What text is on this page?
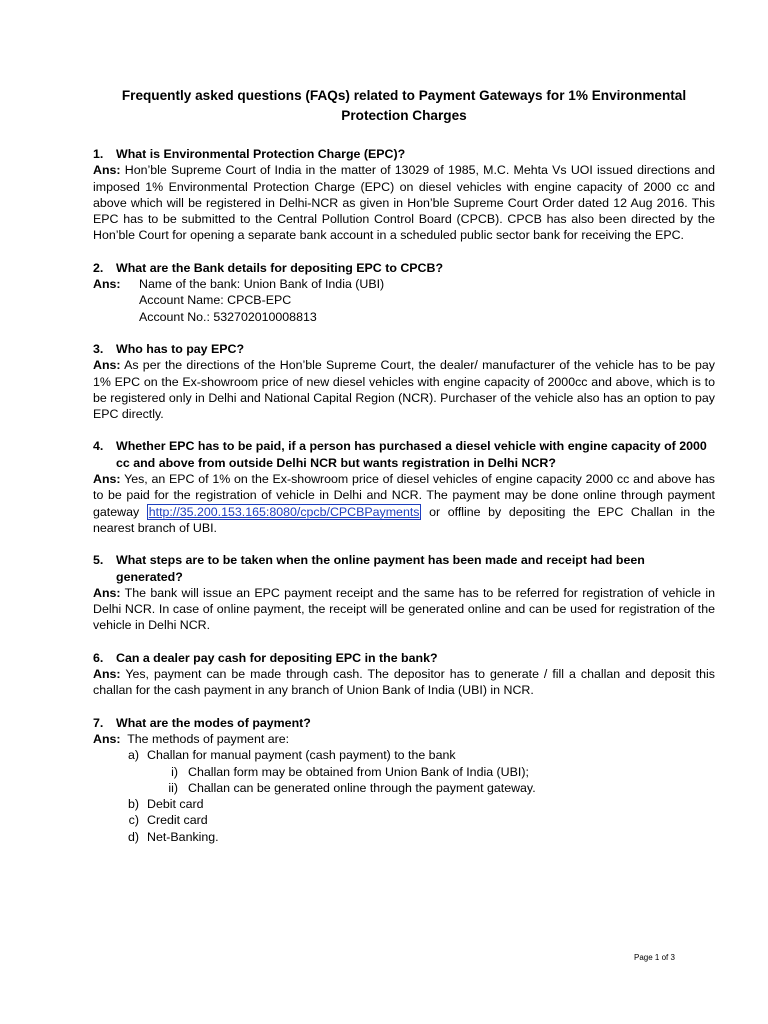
Frequently asked questions (FAQs) related to Payment Gateways for 1% Environmental Protection Charges
1.	What is Environmental Protection Charge (EPC)?

Ans: Hon’ble Supreme Court of India in the matter of 13029 of 1985, M.C. Mehta Vs UOI issued directions and imposed 1% Environmental Protection Charge (EPC) on diesel vehicles with engine capacity of 2000 cc and above which will be registered in Delhi-NCR as given in Hon’ble Supreme Court Order dated 12 Aug 2016. This EPC has to be submitted to the Central Pollution Control Board (CPCB). CPCB has also been directed by the Hon’ble Court for opening a separate bank account in a scheduled public sector bank for receiving the EPC.

2.	What are the Bank details for depositing EPC to CPCB?
Ans:	Name of the bank: Union Bank of India (UBI)
Account Name: CPCB-EPC
Account No.: 532702010008813
3.	Who has to pay EPC?

Ans: As per the directions of the Hon’ble Supreme Court, the dealer/ manufacturer of the vehicle has to be pay 1% EPC on the Ex-showroom price of new diesel vehicles with engine capacity of 2000cc and above, which is to be registered only in Delhi and National Capital Region (NCR). Purchaser of the vehicle also has an option to pay EPC directly.

4.	Whether EPC has to be paid, if a person has purchased a diesel vehicle with engine capacity of 2000 cc and above from outside Delhi NCR but wants registration in Delhi NCR?

Ans: Yes, an EPC of 1% on the Ex-showroom price of diesel vehicles of engine capacity 2000 cc and above has to be paid for the registration of vehicle in Delhi and NCR. The payment may be done online through payment gateway http://35.200.153.165:8080/cpcb/CPCBPayments or offline by depositing the EPC Challan in the nearest branch of UBI.

5.	What steps are to be taken when the online payment has been made and receipt had been generated?

Ans: The bank will issue an EPC payment receipt and the same has to be referred for registration of vehicle in Delhi NCR. In case of online payment, the receipt will be generated online and can be used for registration of the vehicle in Delhi NCR.

6.	Can a dealer pay cash for depositing EPC in the bank?

Ans: Yes, payment can be made through cash. The depositor has to generate / fill a challan and deposit this challan for the cash payment in any branch of Union Bank of India (UBI) in NCR.

7.	What are the modes of payment?

Ans: The methods of payment are:

a) Challan for manual payment (cash payment) to the bank
i) Challan form may be obtained from Union Bank of India (UBI);
ii) Challan can be generated online through the payment gateway.
b) Debit card
c) Credit card
d) Net-Banking.
Page 1 of 3
